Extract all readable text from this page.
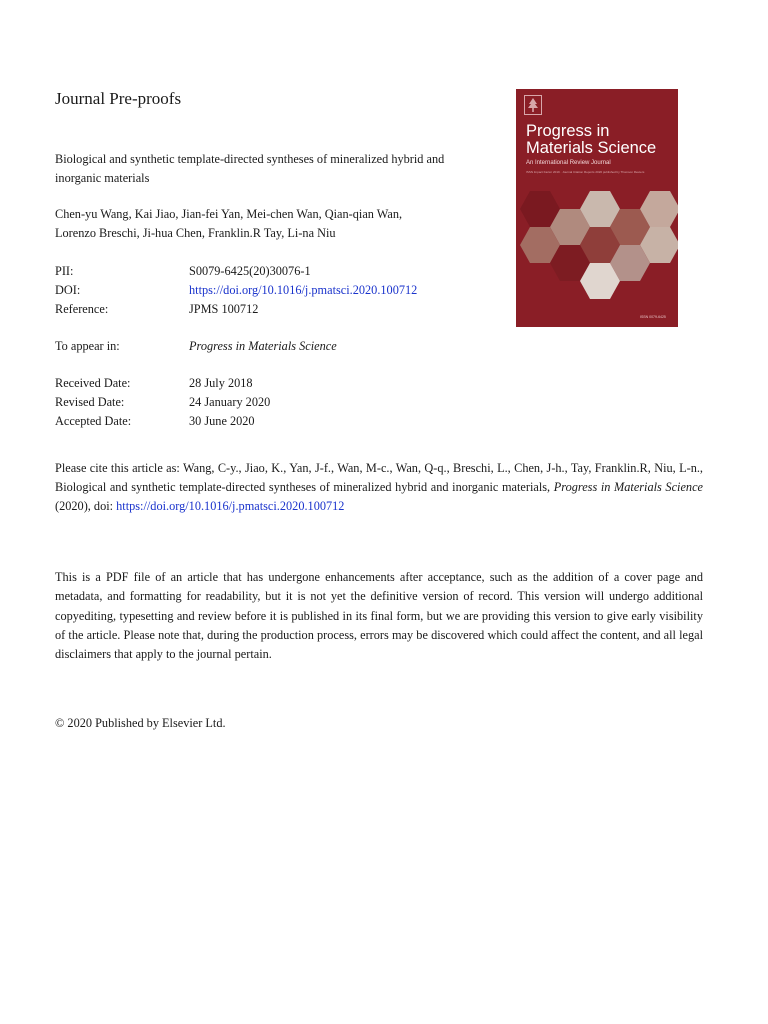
Journal Pre-proofs
Biological and synthetic template-directed syntheses of mineralized hybrid and inorganic materials
Chen-yu Wang, Kai Jiao, Jian-fei Yan, Mei-chen Wan, Qian-qian Wan,
Lorenzo Breschi, Ji-hua Chen, Franklin.R Tay, Li-na Niu
PII:	S0079-6425(20)30076-1
DOI:	https://doi.org/10.1016/j.pmatsci.2020.100712
Reference:	JPMS 100712
To appear in:	Progress in Materials Science
Received Date:	28 July 2018
Revised Date:	24 January 2020
Accepted Date:	30 June 2020
Please cite this article as: Wang, C-y., Jiao, K., Yan, J-f., Wan, M-c., Wan, Q-q., Breschi, L., Chen, J-h., Tay, Franklin.R, Niu, L-n., Biological and synthetic template-directed syntheses of mineralized hybrid and inorganic materials, Progress in Materials Science (2020), doi: https://doi.org/10.1016/j.pmatsci.2020.100712
This is a PDF file of an article that has undergone enhancements after acceptance, such as the addition of a cover page and metadata, and formatting for readability, but it is not yet the definitive version of record. This version will undergo additional copyediting, typesetting and review before it is published in its final form, but we are providing this version to give early visibility of the article. Please note that, during the production process, errors may be discovered which could affect the content, and all legal disclaimers that apply to the journal pertain.
© 2020 Published by Elsevier Ltd.
Progress in
Materials Science
An International Review Journal
ISSN Impact Factor 2019 · Journal Citation Reports 2020 published by Thomson Reuters
ISSN 0079-6425
